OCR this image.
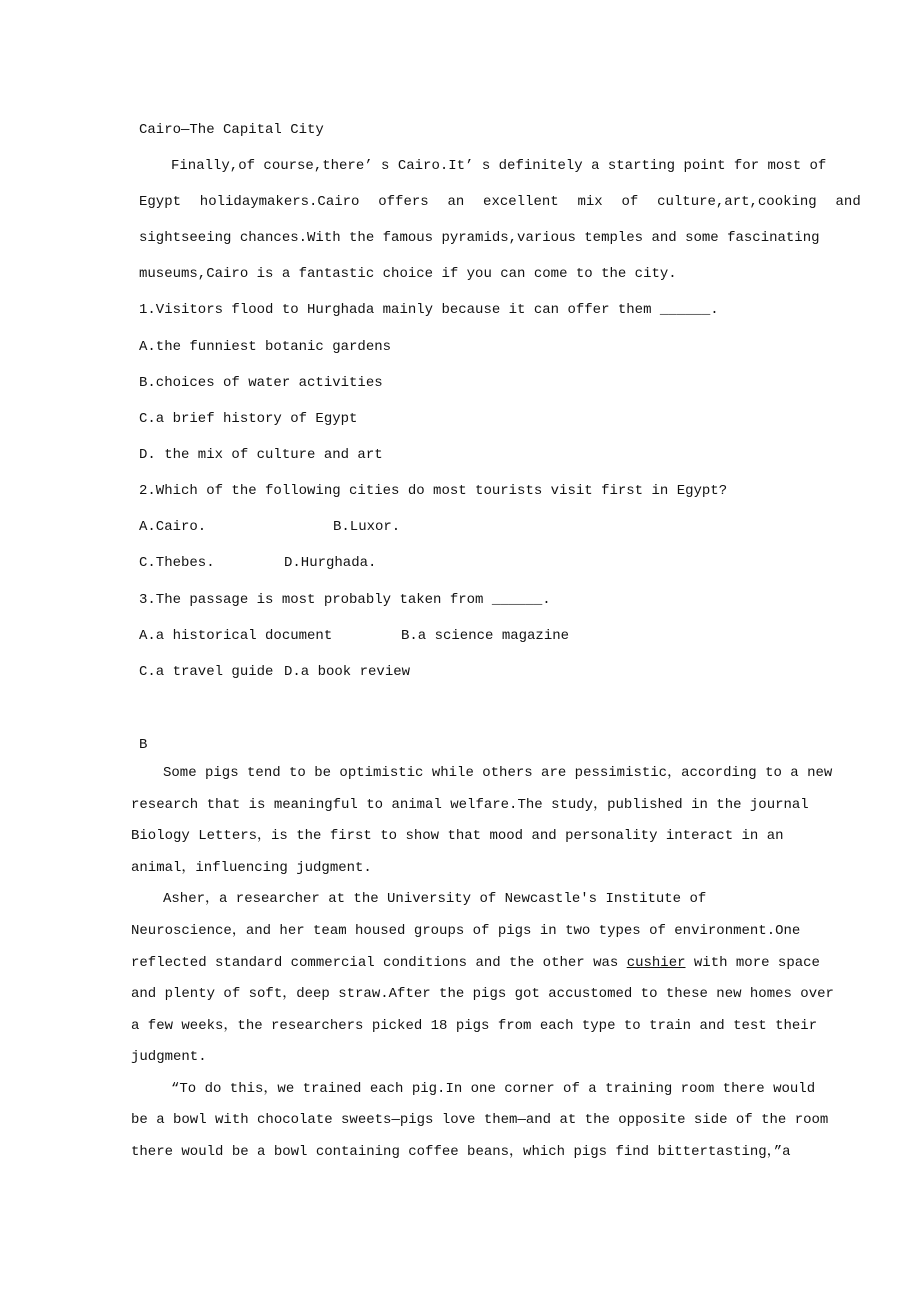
Cairo—The Capital City
Finally,of course,there’ s Cairo.It’ s definitely a starting point for most of
Egypt  holidaymakers.Cairo  offers  an  excellent  mix  of  culture,art,cooking  and
sightseeing chances.With the famous pyramids,various temples and some fascinating
museums,Cairo is a fantastic choice if you can come to the city.
1.Visitors flood to Hurghada mainly because it can offer them ______.
A.the funniest botanic gardens
B.choices of water activities
C.a brief history of Egypt
D. the mix of culture and art
2.Which of the following cities do most tourists visit first in Egypt?
A.Cairo.	B.Luxor.
C.Thebes.	D.Hurghada.
3.The passage is most probably taken from ______.
A.a historical document	B.a science magazine
C.a travel guide D.a book review
B
Some pigs tend to be optimistic while others are pessimistic，according to a new
research that is meaningful to animal welfare.The study，published in the journal
Biology Letters，is the first to show that mood and personality interact in an
animal，influencing judgment.
Asher，a researcher at the University of Newcastle's Institute of
Neuroscience，and her team housed groups of pigs in two types of environment.One
reflected standard commercial conditions and the other was cushier with more space
and plenty of soft，deep straw.After the pigs got accustomed to these new homes over
a few weeks，the researchers picked 18 pigs from each type to train and test their
judgment.
“To do this，we trained each pig.In one corner of a training room there would
be a bowl with chocolate sweets—pigs love them—and at the opposite side of the room
there would be a bowl containing coffee beans，which pigs find bittertasting，”a
